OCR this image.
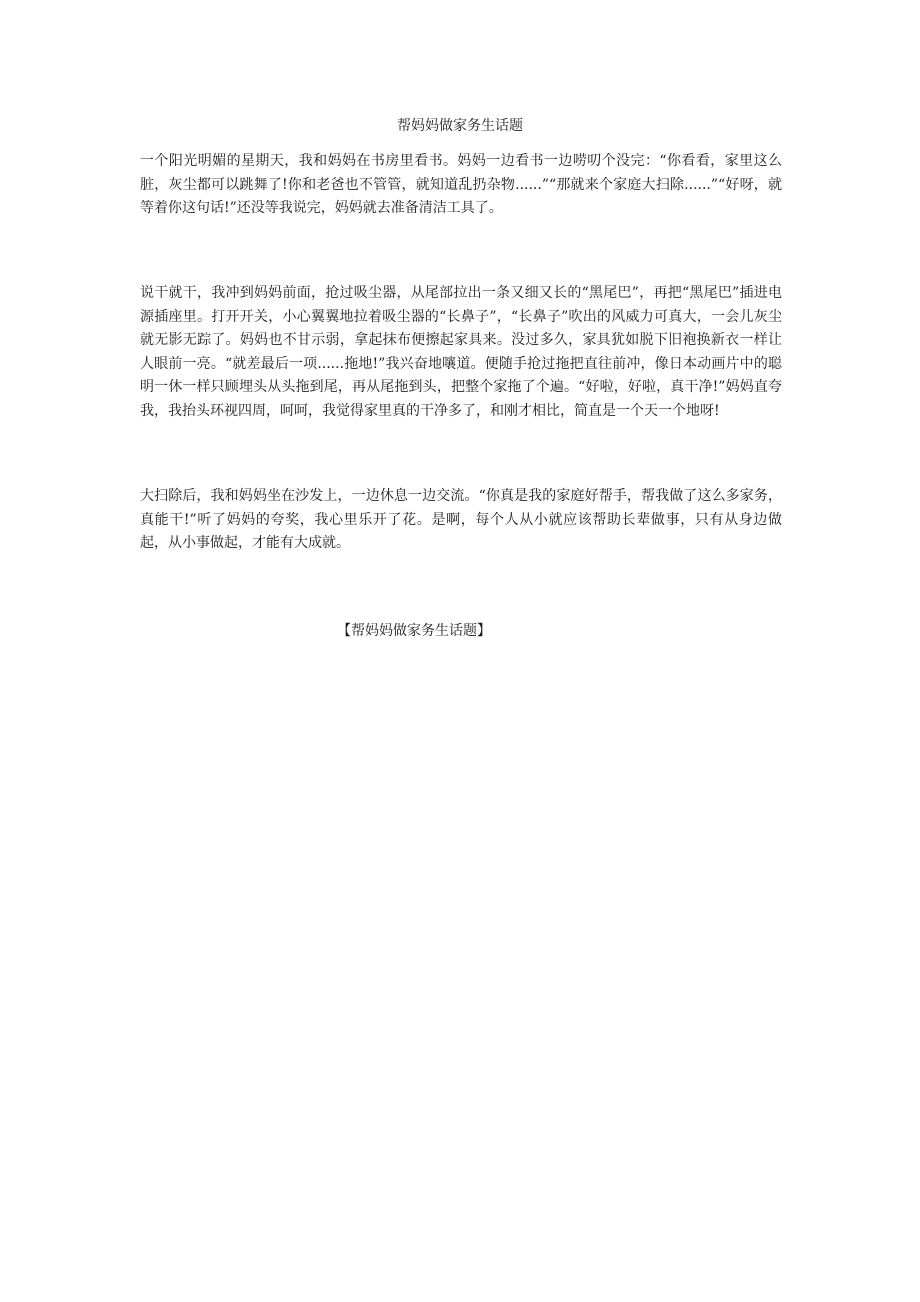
帮妈妈做家务生话题

一个阳光明媚的星期天，我和妈妈在书房里看书。妈妈一边看书一边唠叨个没完：“你看看，家里这么脏，灰尘都可以跳舞了!你和老爸也不管管，就知道乱扔杂物......”“那就来个家庭大扫除......”“好呀，就等着你这句话!”还没等我说完，妈妈就去准备清洁工具了。

说干就干，我冲到妈妈前面，抢过吸尘器，从尾部拉出一条又细又长的“黑尾巴”，再把“黑尾巴”插进电源插座里。打开开关，小心翼翼地拉着吸尘器的“长鼻子”，“长鼻子”吹出的风威力可真大，一会儿灰尘就无影无踪了。妈妈也不甘示弱，拿起抹布便擦起家具来。没过多久，家具犹如脱下旧袍换新衣一样让人眼前一亮。“就差最后一项......拖地!”我兴奋地嚷道。便随手抢过拖把直往前冲，像日本动画片中的聪明一休一样只顾埋头从头拖到尾，再从尾拖到头，把整个家拖了个遍。“好啦，好啦，真干净!”妈妈直夸我，我抬头环视四周，呵呵，我觉得家里真的干净多了，和刚才相比，简直是一个天一个地呀!

大扫除后，我和妈妈坐在沙发上，一边休息一边交流。“你真是我的家庭好帮手，帮我做了这么多家务，真能干!”听了妈妈的夸奖，我心里乐开了花。是啊，每个人从小就应该帮助长辈做事，只有从身边做起，从小事做起，才能有大成就。

【帮妈妈做家务生话题】
